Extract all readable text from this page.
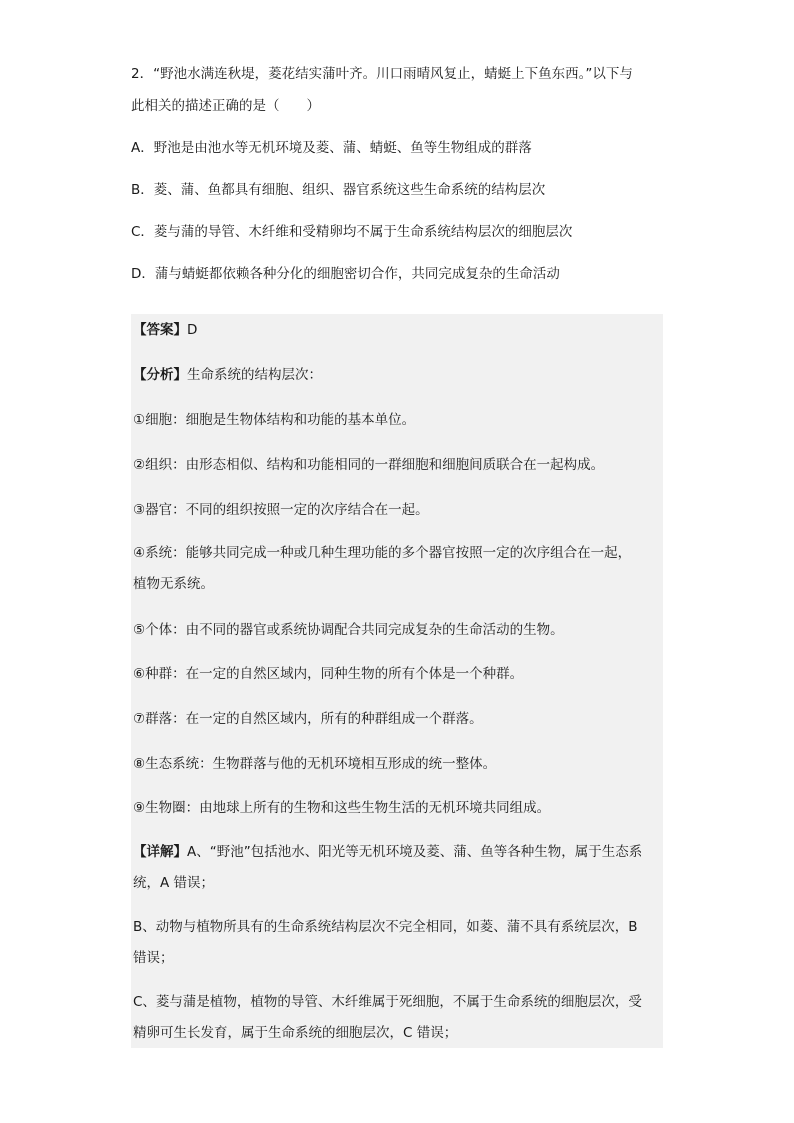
2．“野池水满连秋堤，菱花结实蒲叶齐。川口雨晴风复止，蜻蜓上下鱼东西。”以下与

此相关的描述正确的是（　　）

A．野池是由池水等无机环境及菱、蒲、蜻蜓、鱼等生物组成的群落

B．菱、蒲、鱼都具有细胞、组织、器官系统这些生命系统的结构层次

C．菱与蒲的导管、木纤维和受精卵均不属于生命系统结构层次的细胞层次

D．蒲与蜻蜓都依赖各种分化的细胞密切合作，共同完成复杂的生命活动

【答案】D

【分析】生命系统的结构层次：

①细胞：细胞是生物体结构和功能的基本单位。

②组织：由形态相似、结构和功能相同的一群细胞和细胞间质联合在一起构成。

③器官：不同的组织按照一定的次序结合在一起。

④系统：能够共同完成一种或几种生理功能的多个器官按照一定的次序组合在一起，

植物无系统。

⑤个体：由不同的器官或系统协调配合共同完成复杂的生命活动的生物。

⑥种群：在一定的自然区域内，同种生物的所有个体是一个种群。

⑦群落：在一定的自然区域内，所有的种群组成一个群落。

⑧生态系统：生物群落与他的无机环境相互形成的统一整体。

⑨生物圈：由地球上所有的生物和这些生物生活的无机环境共同组成。

【详解】A、“野池”包括池水、阳光等无机环境及菱、蒲、鱼等各种生物，属于生态系

统，A 错误；

B、动物与植物所具有的生命系统结构层次不完全相同，如菱、蒲不具有系统层次，B

错误；

C、菱与蒲是植物，植物的导管、木纤维属于死细胞，不属于生命系统的细胞层次，受

精卵可生长发育，属于生命系统的细胞层次，C 错误；
